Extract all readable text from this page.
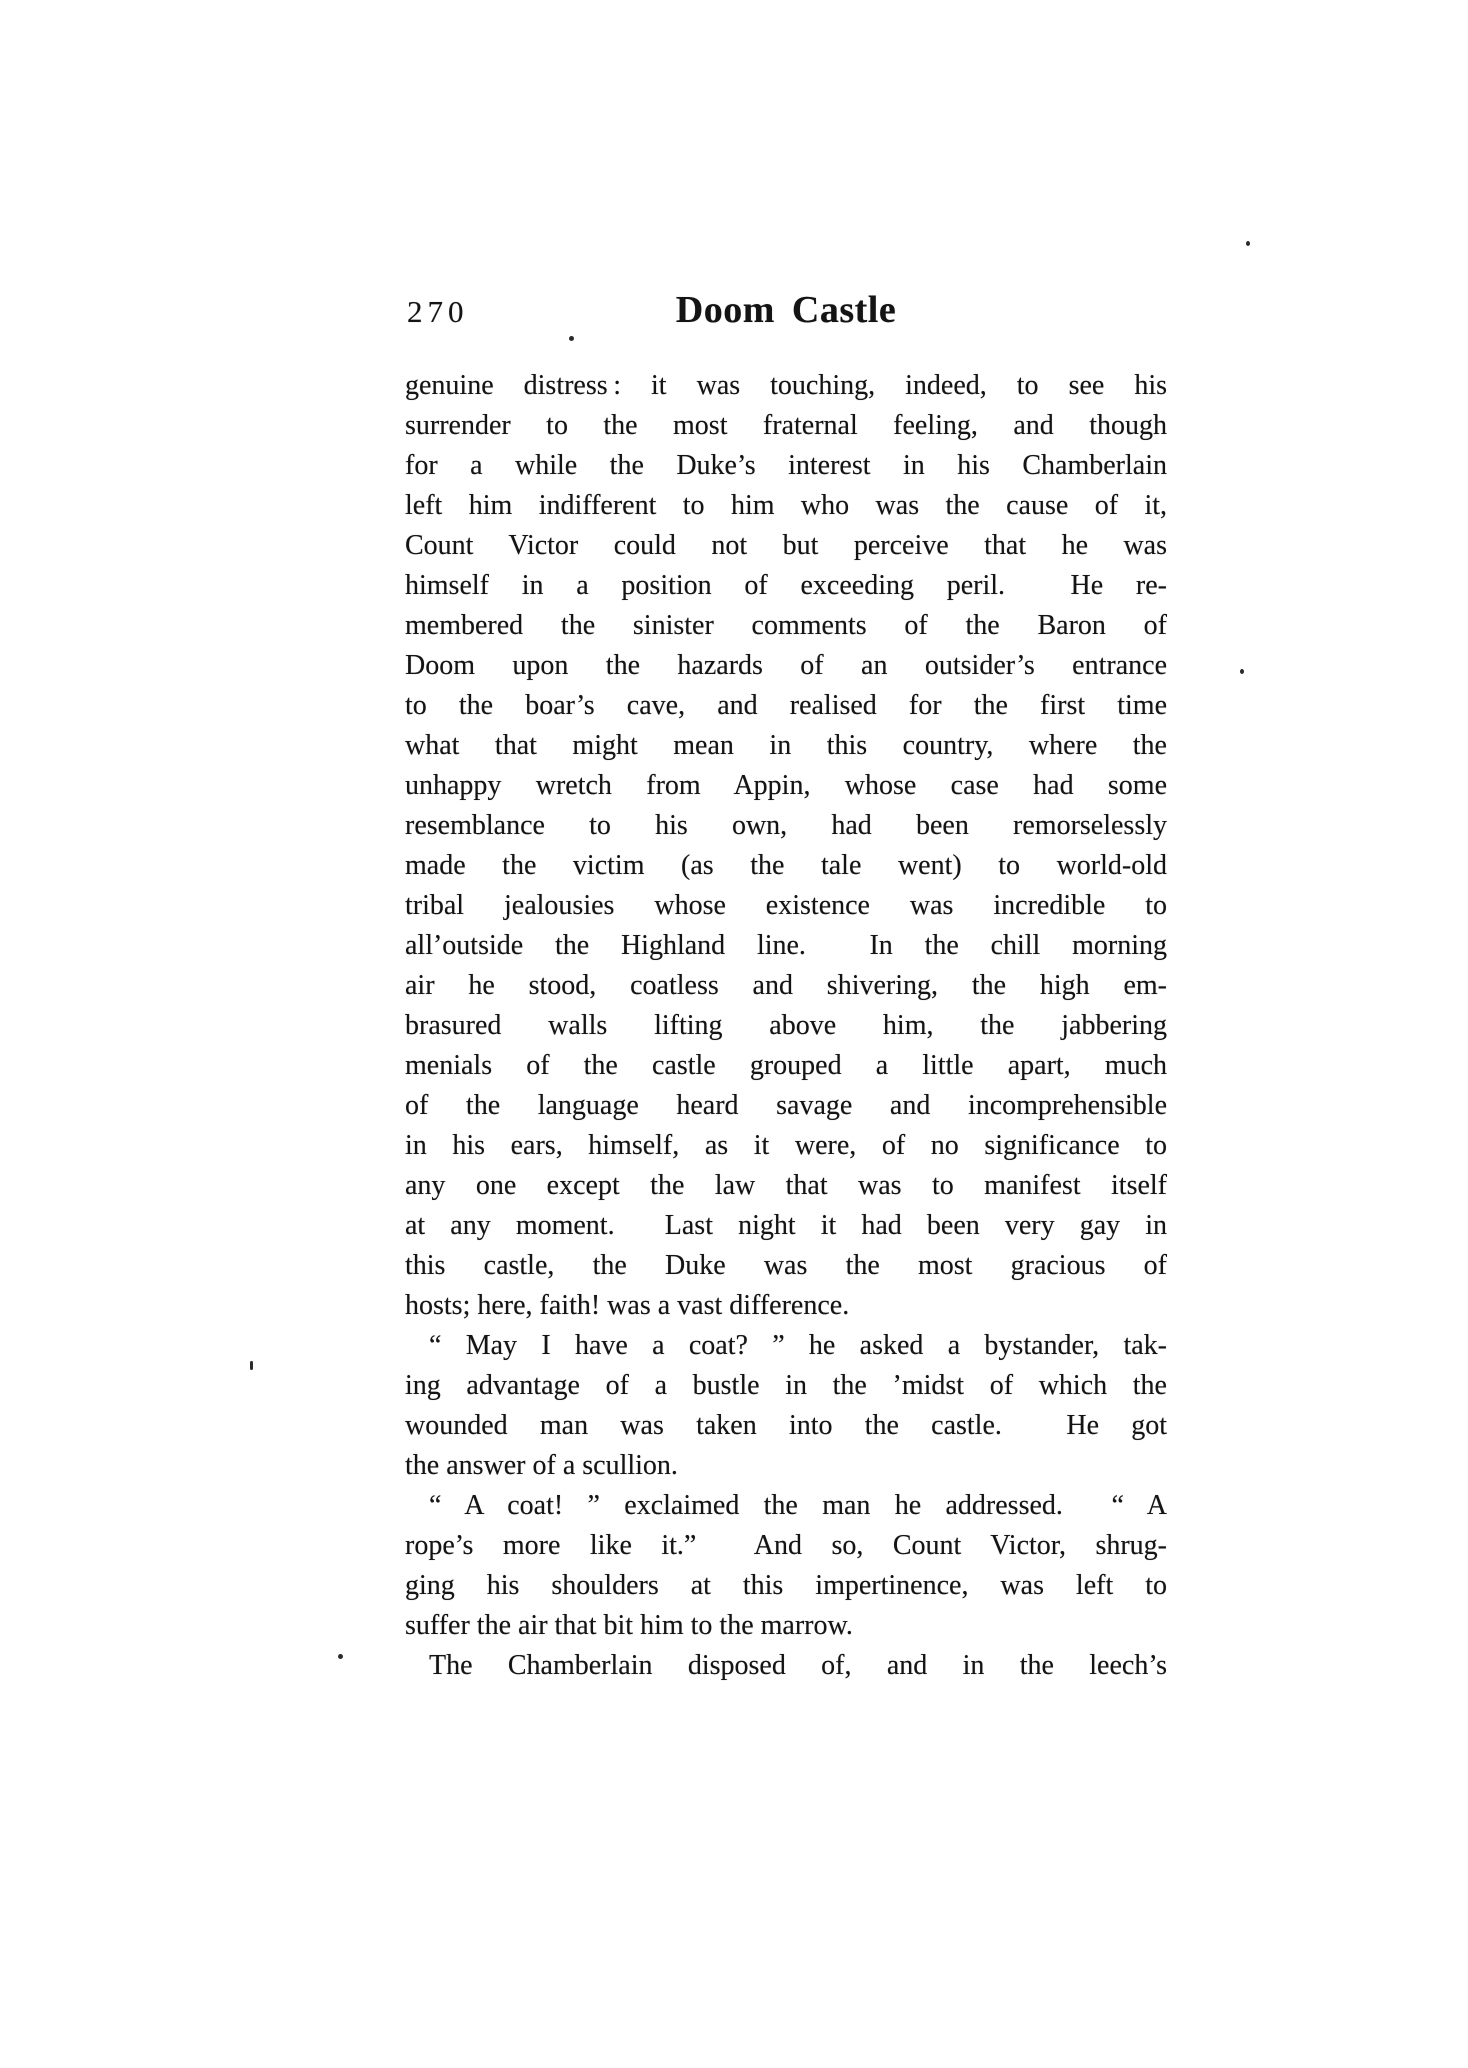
270	Doom Castle
genuine distress : it was touching, indeed, to see his
surrender to the most fraternal feeling, and though
for a while the Duke’s interest in his Chamberlain
left him indifferent to him who was the cause of it,
Count Victor could not but perceive that he was
himself in a position of exceeding peril.  He re-
membered the sinister comments of the Baron of
Doom upon the hazards of an outsider’s entrance
to the boar’s cave, and realised for the first time
what that might mean in this country, where the
unhappy wretch from Appin, whose case had some
resemblance to his own, had been remorselessly
made the victim (as the tale went) to world-old
tribal jealousies whose existence was incredible to
all’outside the Highland line.  In the chill morning
air he stood, coatless and shivering, the high em-
brasured walls lifting above him, the jabbering
menials of the castle grouped a little apart, much
of the language heard savage and incomprehensible
in his ears, himself, as it were, of no significance to
any one except the law that was to manifest itself
at any moment.  Last night it had been very gay in
this castle, the Duke was the most gracious of
hosts; here, faith! was a vast difference.
“ May I have a coat? ” he asked a bystander, tak-
ing advantage of a bustle in the ’midst of which the
wounded man was taken into the castle.  He got
the answer of a scullion.
“ A coat! ” exclaimed the man he addressed.  “ A
rope’s more like it.”  And so, Count Victor, shrug-
ging his shoulders at this impertinence, was left to
suffer the air that bit him to the marrow.
The Chamberlain disposed of, and in the leech’s
